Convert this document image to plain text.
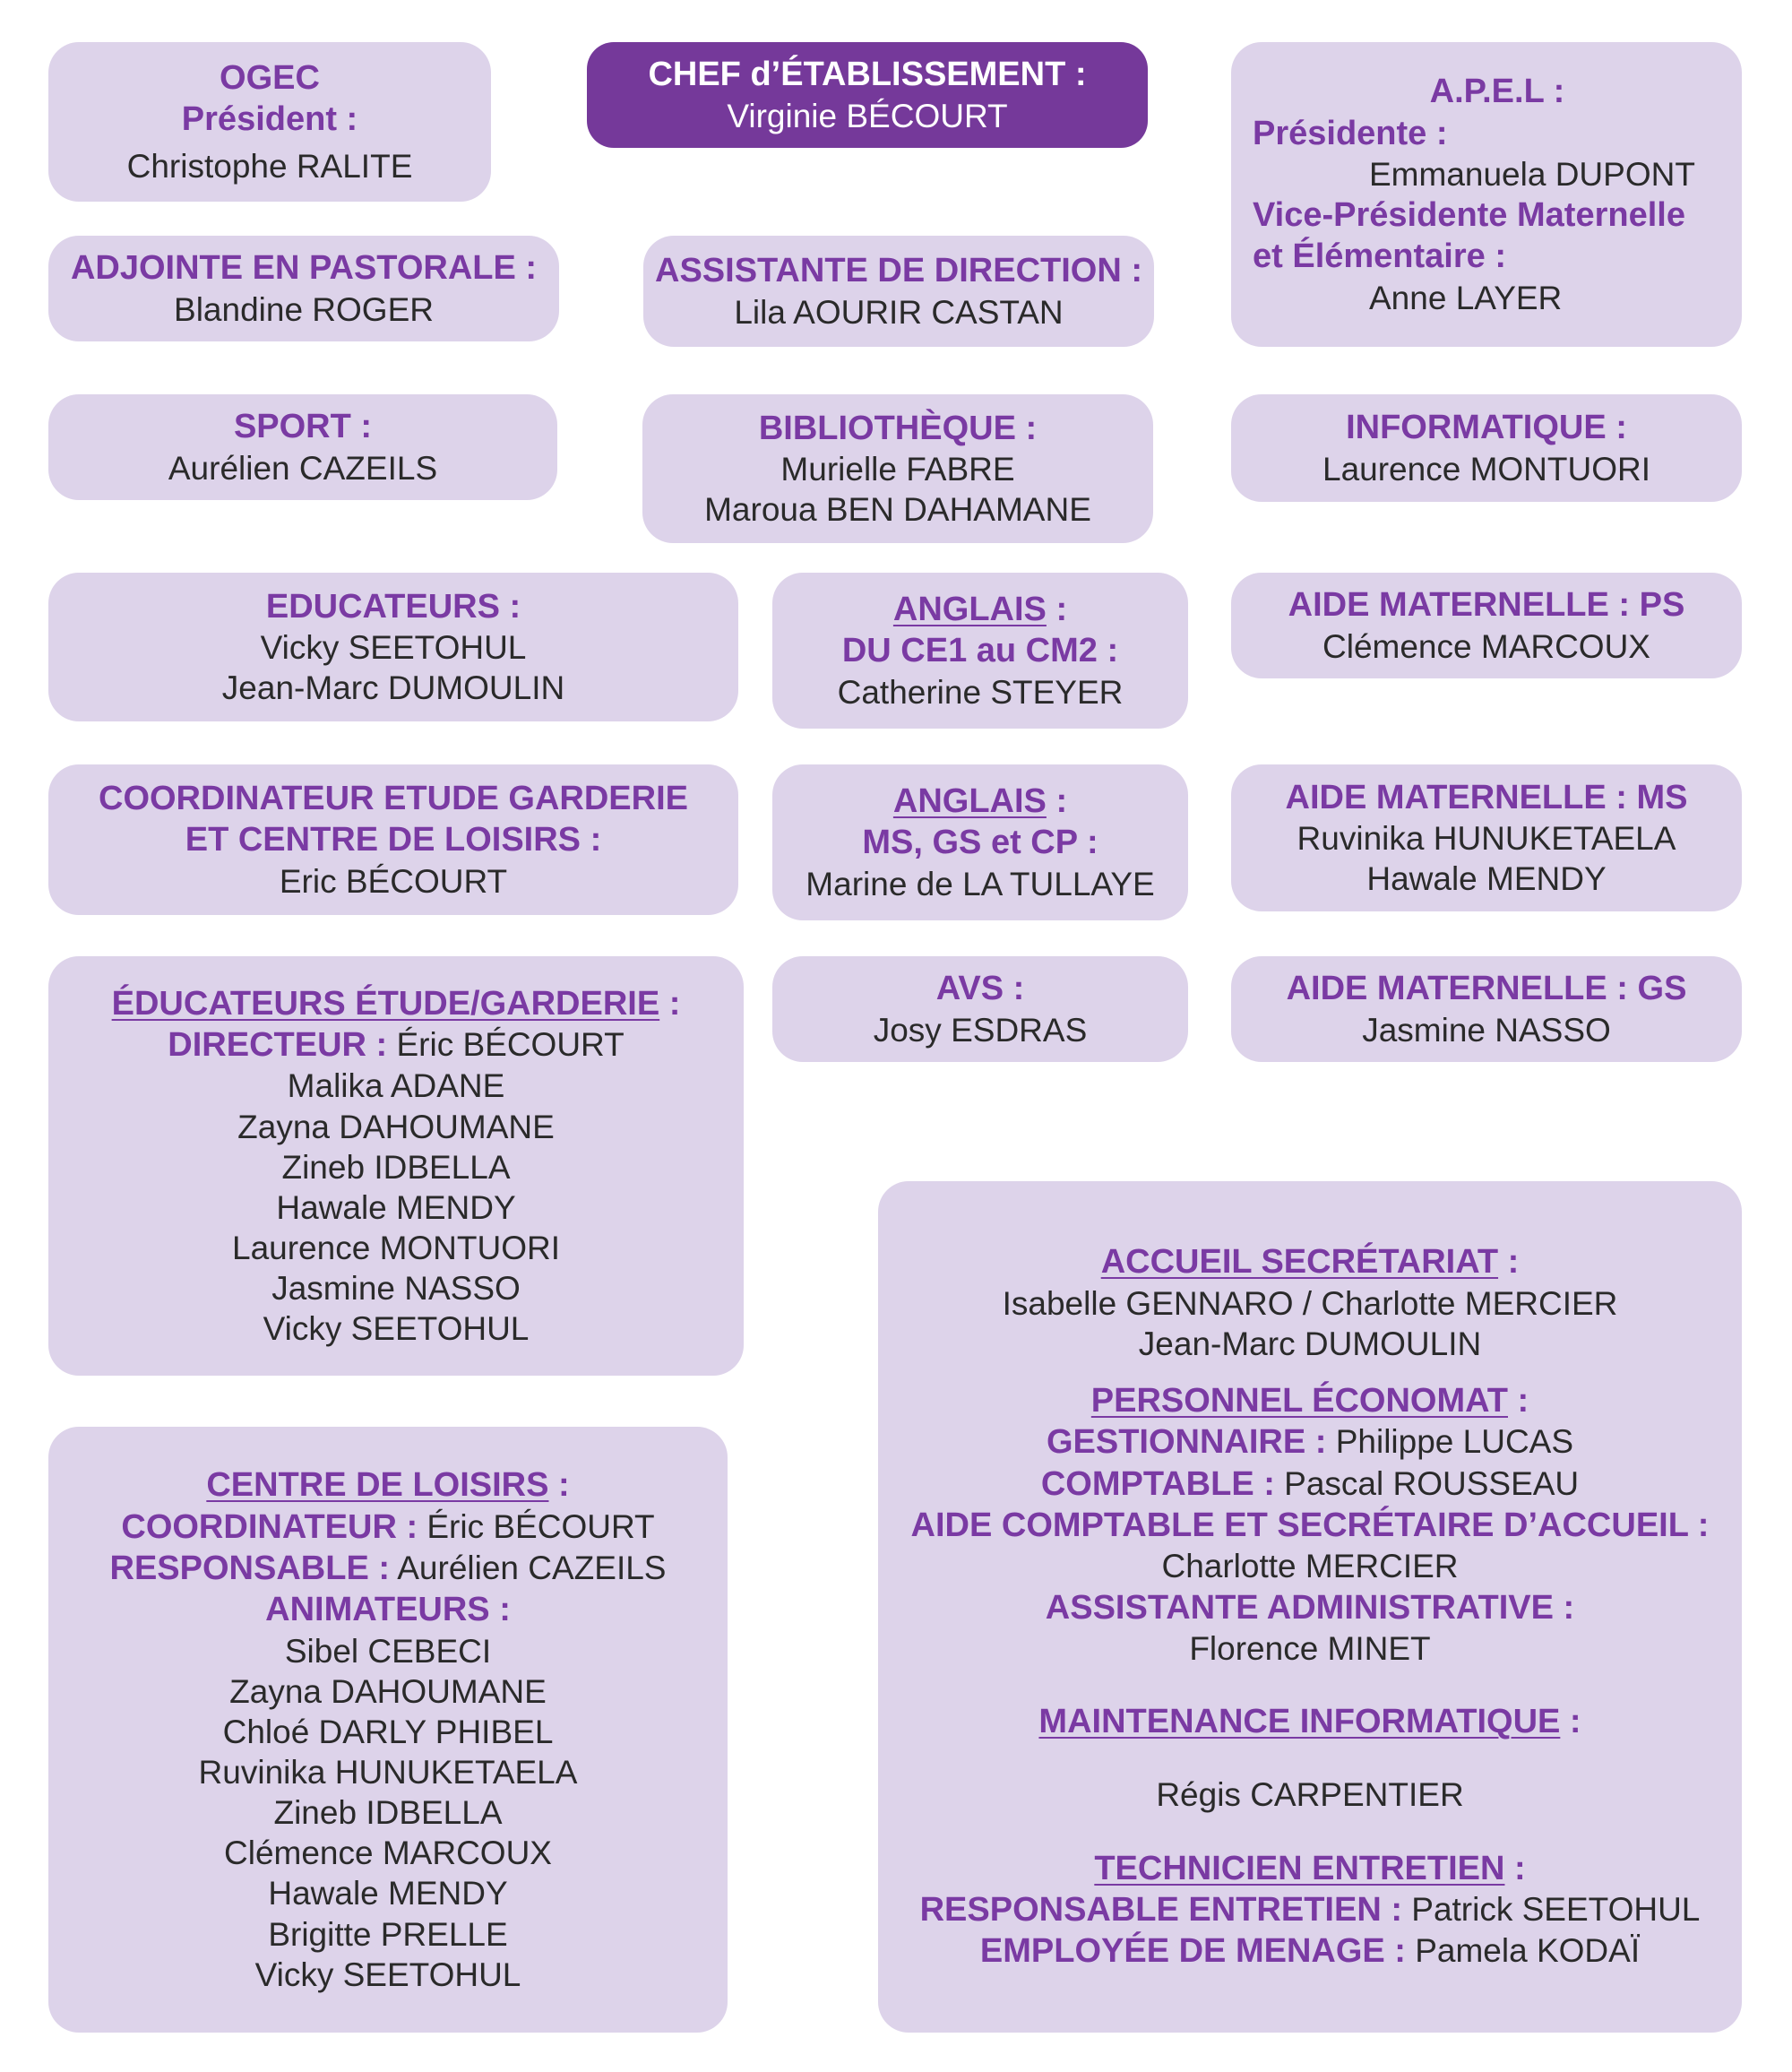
OGEC
Président :
Christophe RALITE
CHEF d’ÉTABLISSEMENT :
Virginie BÉCOURT
A.P.E.L :
Présidente :
Emmanuela DUPONT
Vice-Présidente Maternelle
et Élémentaire :
Anne LAYER
ADJOINTE EN PASTORALE :
Blandine ROGER
ASSISTANTE DE DIRECTION :
Lila AOURIR CASTAN
SPORT :
Aurélien CAZEILS
BIBLIOTHÈQUE :
Murielle FABRE
Maroua BEN DAHAMANE
INFORMATIQUE :
Laurence MONTUORI
EDUCATEURS :
Vicky SEETOHUL
Jean-Marc DUMOULIN
ANGLAIS :
DU CE1 au CM2 :
Catherine STEYER
AIDE MATERNELLE : PS
Clémence MARCOUX
COORDINATEUR ETUDE GARDERIE
ET CENTRE DE LOISIRS :
Eric BÉCOURT
ANGLAIS :
MS, GS et CP :
Marine de LA TULLAYE
AIDE MATERNELLE : MS
Ruvinika HUNUKETAELA
Hawale MENDY
ÉDUCATEURS ÉTUDE/GARDERIE :
DIRECTEUR : Éric BÉCOURT
Malika ADANE
Zayna DAHOUMANE
Zineb IDBELLA
Hawale MENDY
Laurence MONTUORI
Jasmine NASSO
Vicky SEETOHUL
AVS :
Josy ESDRAS
AIDE MATERNELLE : GS
Jasmine NASSO
CENTRE DE LOISIRS :
COORDINATEUR : Éric BÉCOURT
RESPONSABLE : Aurélien CAZEILS
ANIMATEURS :
Sibel CEBECI
Zayna DAHOUMANE
Chloé DARLY PHIBEL
Ruvinika HUNUKETAELA
Zineb IDBELLA
Clémence MARCOUX
Hawale MENDY
Brigitte PRELLE
Vicky SEETOHUL
ACCUEIL SECRÉTARIAT :
Isabelle GENNARO / Charlotte MERCIER
Jean-Marc DUMOULIN
PERSONNEL ÉCONOMAT :
GESTIONNAIRE : Philippe LUCAS
COMPTABLE : Pascal ROUSSEAU
AIDE COMPTABLE ET SECRÉTAIRE D’ACCUEIL :
Charlotte MERCIER
ASSISTANTE ADMINISTRATIVE :
Florence MINET
MAINTENANCE INFORMATIQUE :
Régis CARPENTIER
TECHNICIEN ENTRETIEN :
RESPONSABLE ENTRETIEN : Patrick SEETOHUL
EMPLOYÉE DE MENAGE : Pamela KODAÏ
